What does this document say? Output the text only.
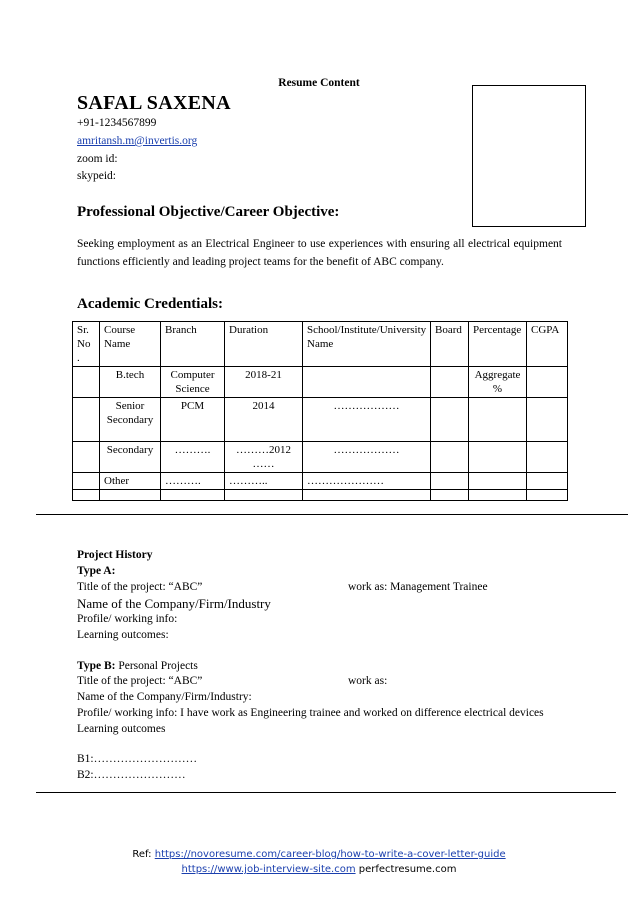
Resume Content
SAFAL SAXENA
+91-1234567899
amritansh.m@invertis.org
zoom id:
skypeid:
Professional Objective/Career Objective:
Seeking employment as an Electrical Engineer to use experiences with ensuring all electrical equipment functions efficiently and leading project teams for the benefit of ABC company.
Academic Credentials:
Sr. No .	Course Name	Branch	Duration	School/Institute/University Name	Board	Percentage	CGPA
	B.tech	Computer Science	2018-21			Aggregate %	
	Senior Secondary	PCM	2014	………………			
	Secondary	……….	………2012 ……	………………			
	Other	……….	………..	…………………			

Project History
Type A:
Title of the project: “ABC”	work as: Management Trainee
Name of the Company/Firm/Industry
Profile/ working info:
Learning outcomes:
Type B: Personal Projects
Title of the project: “ABC”	work as:
Name of the Company/Firm/Industry:
Profile/ working info: I have work as Engineering trainee and worked on difference electrical devices
Learning outcomes
B1:………………………
B2:……………………
Ref: https://novoresume.com/career-blog/how-to-write-a-cover-letter-guide
https://www.job-interview-site.com perfectresume.com
